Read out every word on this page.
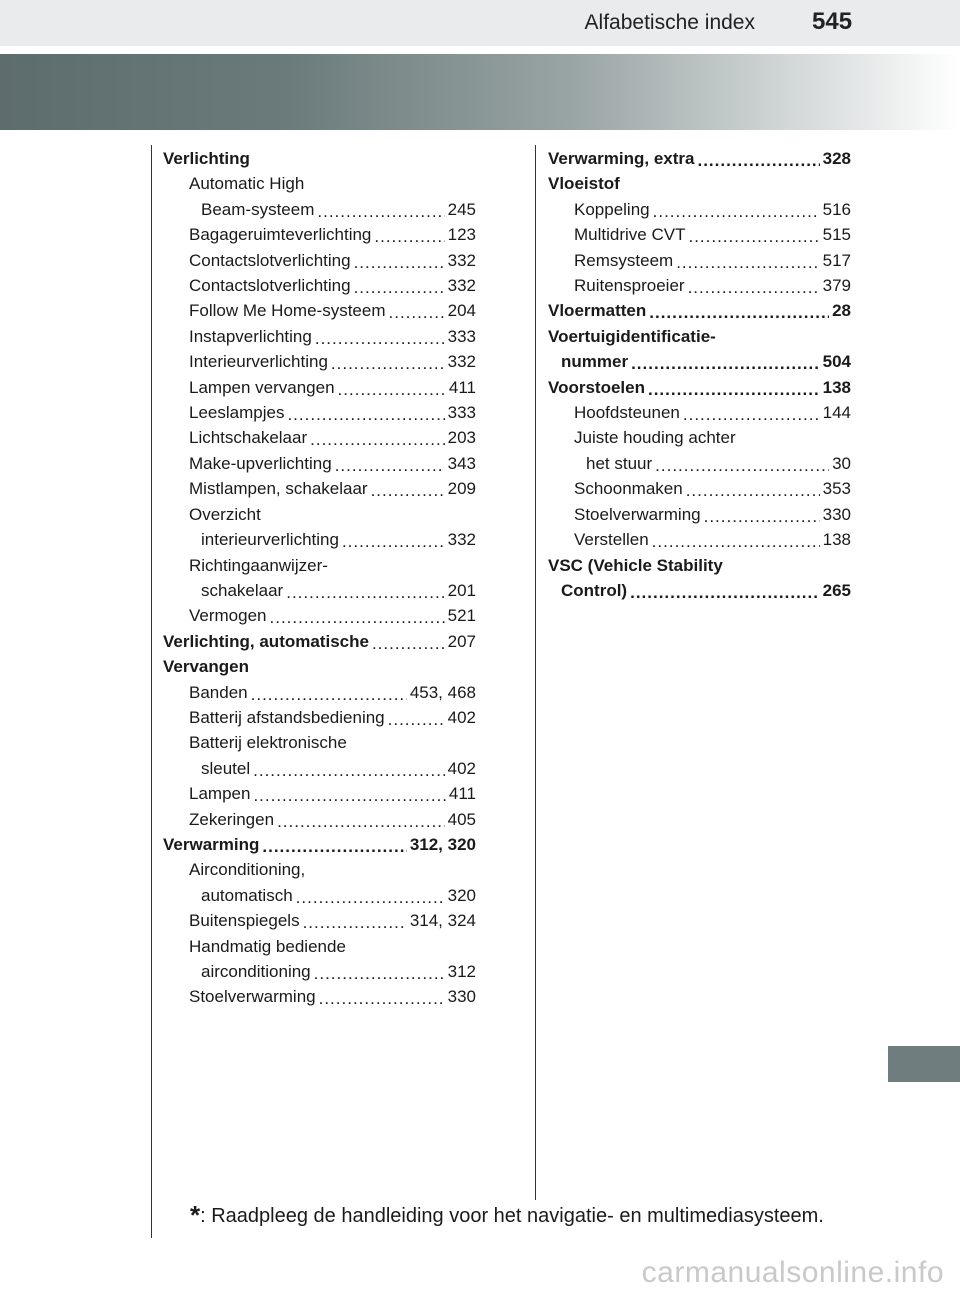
Alfabetische index 545
Verlichting
Automatic High
Beam-systeem .....	245
Bagageruimteverlichting .....	123
Contactslotverlichting .....	332
Contactslotverlichting .....	332
Follow Me Home-systeem .....	204
Instapverlichting .....	333
Interieurverlichting .....	332
Lampen vervangen .....	411
Leeslampjes .....	333
Lichtschakelaar .....	203
Make-upverlichting .....	343
Mistlampen, schakelaar .....	209
Overzicht
interieurverlichting .....	332
Richtingaanwijzer-
schakelaar .....	201
Vermogen .....	521
Verlichting, automatische .....	207
Vervangen
Banden .....	453, 468
Batterij afstandsbediening .....	402
Batterij elektronische
sleutel .....	402
Lampen .....	411
Zekeringen .....	405
Verwarming .....	312, 320
Airconditioning,
automatisch .....	320
Buitenspiegels .....	314, 324
Handmatig bediende
airconditioning .....	312
Stoelverwarming .....	330
Verwarming, extra .....	328
Vloeistof
Koppeling .....	516
Multidrive CVT .....	515
Remsysteem .....	517
Ruitensproeier .....	379
Vloermatten .....	28
Voertuigidentificatie-
nummer .....	504
Voorstoelen .....	138
Hoofdsteunen .....	144
Juiste houding achter
het stuur .....	30
Schoonmaken .....	353
Stoelverwarming .....	330
Verstellen .....	138
VSC (Vehicle Stability
Control) .....	265
*: Raadpleeg de handleiding voor het navigatie- en multimediasysteem.
carmanualsonline.info
